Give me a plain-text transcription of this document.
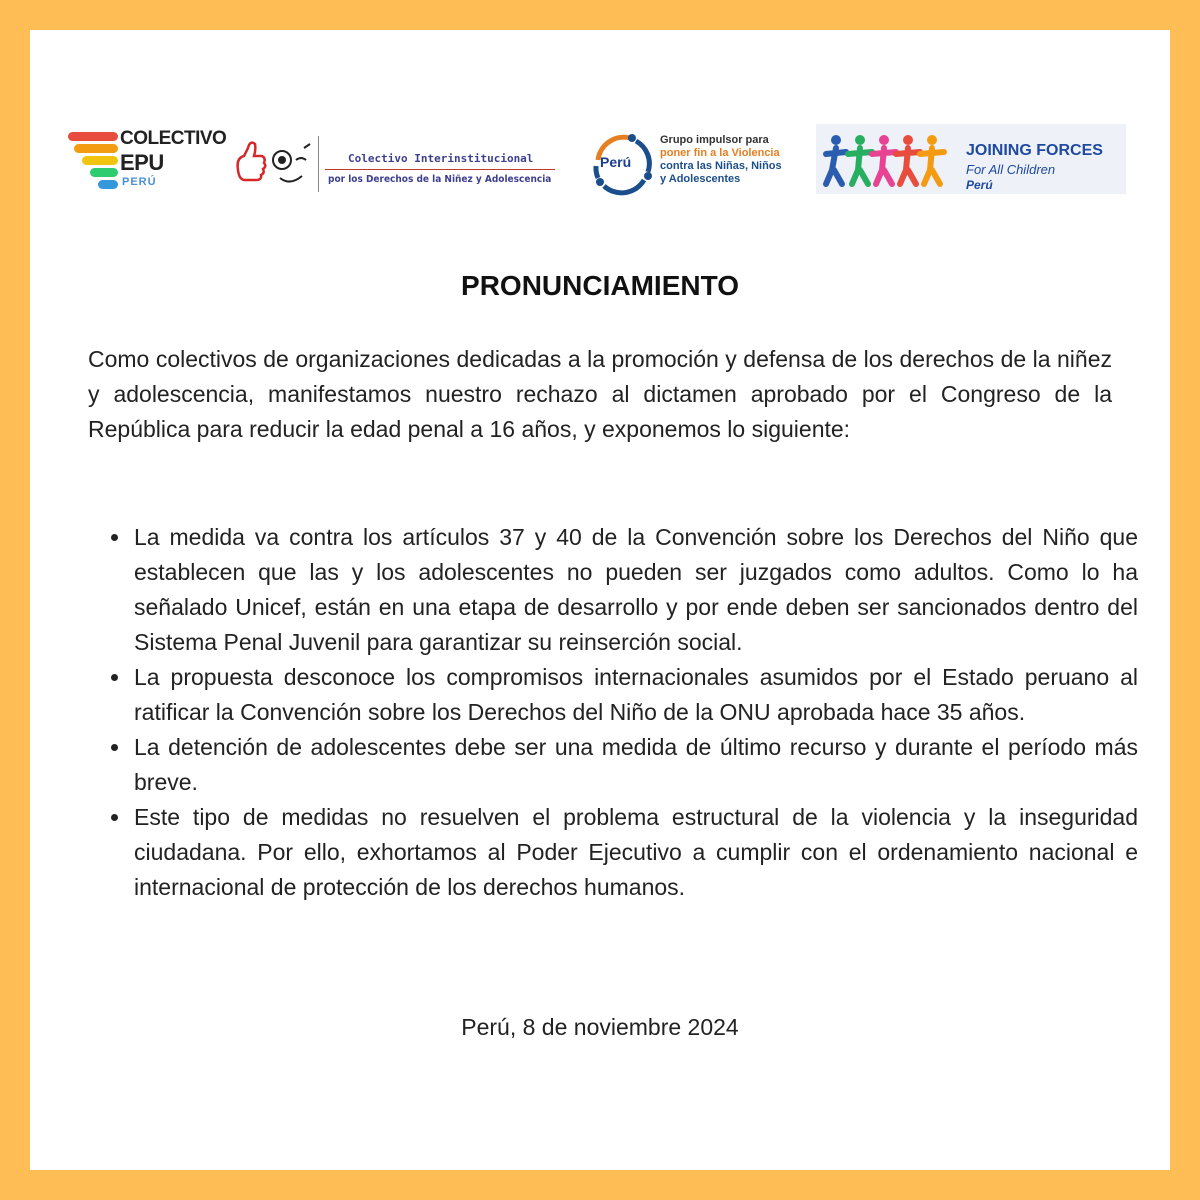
COLECTIVO
EPU
PERÚ
Colectivo Interinstitucional
por los Derechos de la Niñez y Adolescencia
Perú
Grupo impulsor para
poner fin a la Violencia
contra las Niñas, Niños
y Adolescentes
JOINING FORCES
For All Children
Perú
PRONUNCIAMIENTO

Como colectivos de organizaciones dedicadas a la promoción y defensa de los derechos de la niñez y adolescencia, manifestamos nuestro rechazo al dictamen aprobado por el Congreso de la República para reducir la edad penal a 16 años, y exponemos lo siguiente:

• La medida va contra los artículos 37 y 40 de la Convención sobre los Derechos del Niño que establecen que las y los adolescentes no pueden ser juzgados como adultos. Como lo ha señalado Unicef, están en una etapa de desarrollo y por ende deben ser sancionados dentro del Sistema Penal Juvenil para garantizar su reinserción social.
• La propuesta desconoce los compromisos internacionales asumidos por el Estado peruano al ratificar la Convención sobre los Derechos del Niño de la ONU aprobada hace 35 años.
• La detención de adolescentes debe ser una medida de último recurso y durante el período más breve.
• Este tipo de medidas no resuelven el problema estructural de la violencia y la inseguridad ciudadana. Por ello, exhortamos al Poder Ejecutivo a cumplir con el ordenamiento nacional e internacional de protección de los derechos humanos.

Perú, 8 de noviembre 2024
